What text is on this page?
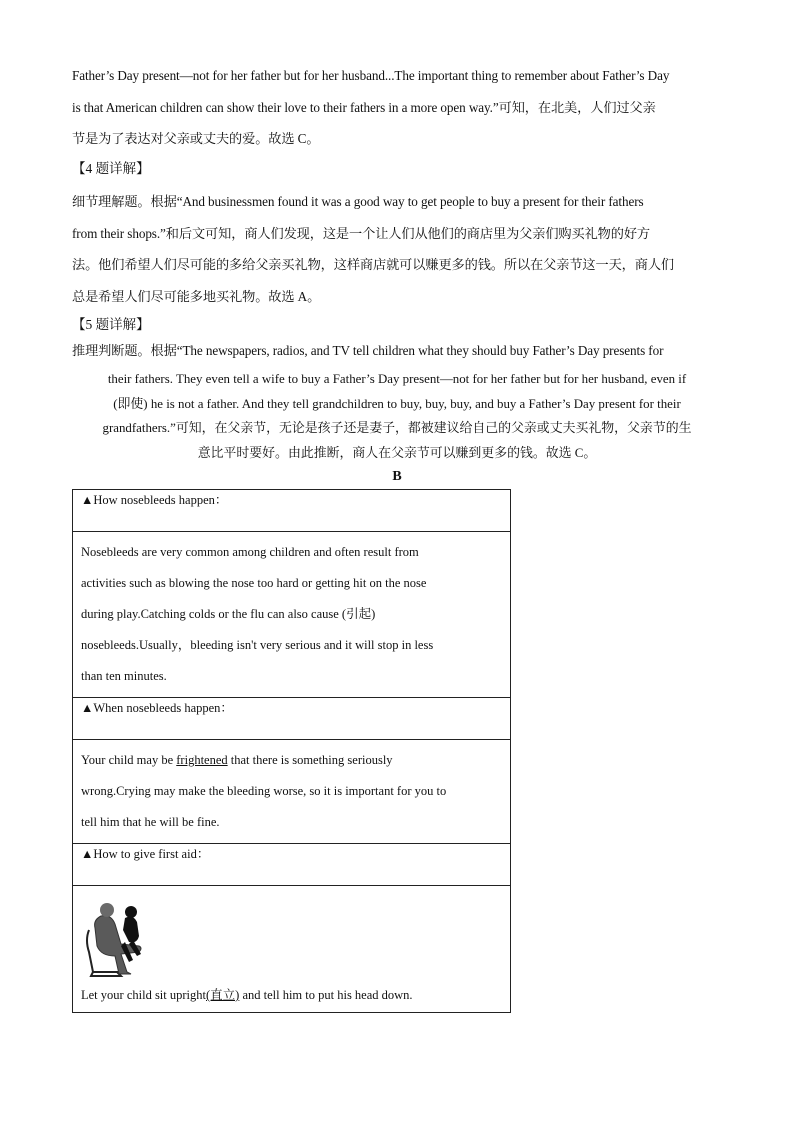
Father’s Day present—not for her father but for her husband...The important thing to remember about Father’s Day

is that American children can show their love to their fathers in a more open way.”可知，在北美，人们过父亲

节是为了表达对父亲或丈夫的爱。故选 C。

【4 题详解】

细节理解题。根据“And businessmen found it was a good way to get people to buy a present for their fathers

from their shops.”和后文可知，商人们发现，这是一个让人们从他们的商店里为父亲们购买礼物的好方

法。他们希望人们尽可能的多给父亲买礼物，这样商店就可以赚更多的钱。所以在父亲节这一天，商人们

总是希望人们尽可能多地买礼物。故选 A。

【5 题详解】

推理判断题。根据“The newspapers, radios, and TV tell children what they should buy Father’s Day presents for

their fathers. They even tell a wife to buy a Father’s Day present—not for her father but for her husband, even if

(即使) he is not a father. And they tell grandchildren to buy, buy, buy, and buy a Father’s Day present for their

grandfathers.”可知，在父亲节，无论是孩子还是妻子，都被建议给自己的父亲或丈夫买礼物，父亲节的生

意比平时要好。由此推断，商人在父亲节可以赚到更多的钱。故选 C。

B
▲How nosebleeds happen：

Nosebleeds are very common among children and often result from

activities such as blowing the nose too hard or getting hit on the nose

during play.Catching colds or the flu can also cause (引起)

nosebleeds.Usually，bleeding isn't very serious and it will stop in less

than ten minutes.

▲When nosebleeds happen：

Your child may be frightened that there is something seriously

wrong.Crying may make the bleeding worse, so it is important for you to

tell him that he will be fine.

▲How to give first aid：

Let your child sit upright(直立) and tell him to put his head down.
